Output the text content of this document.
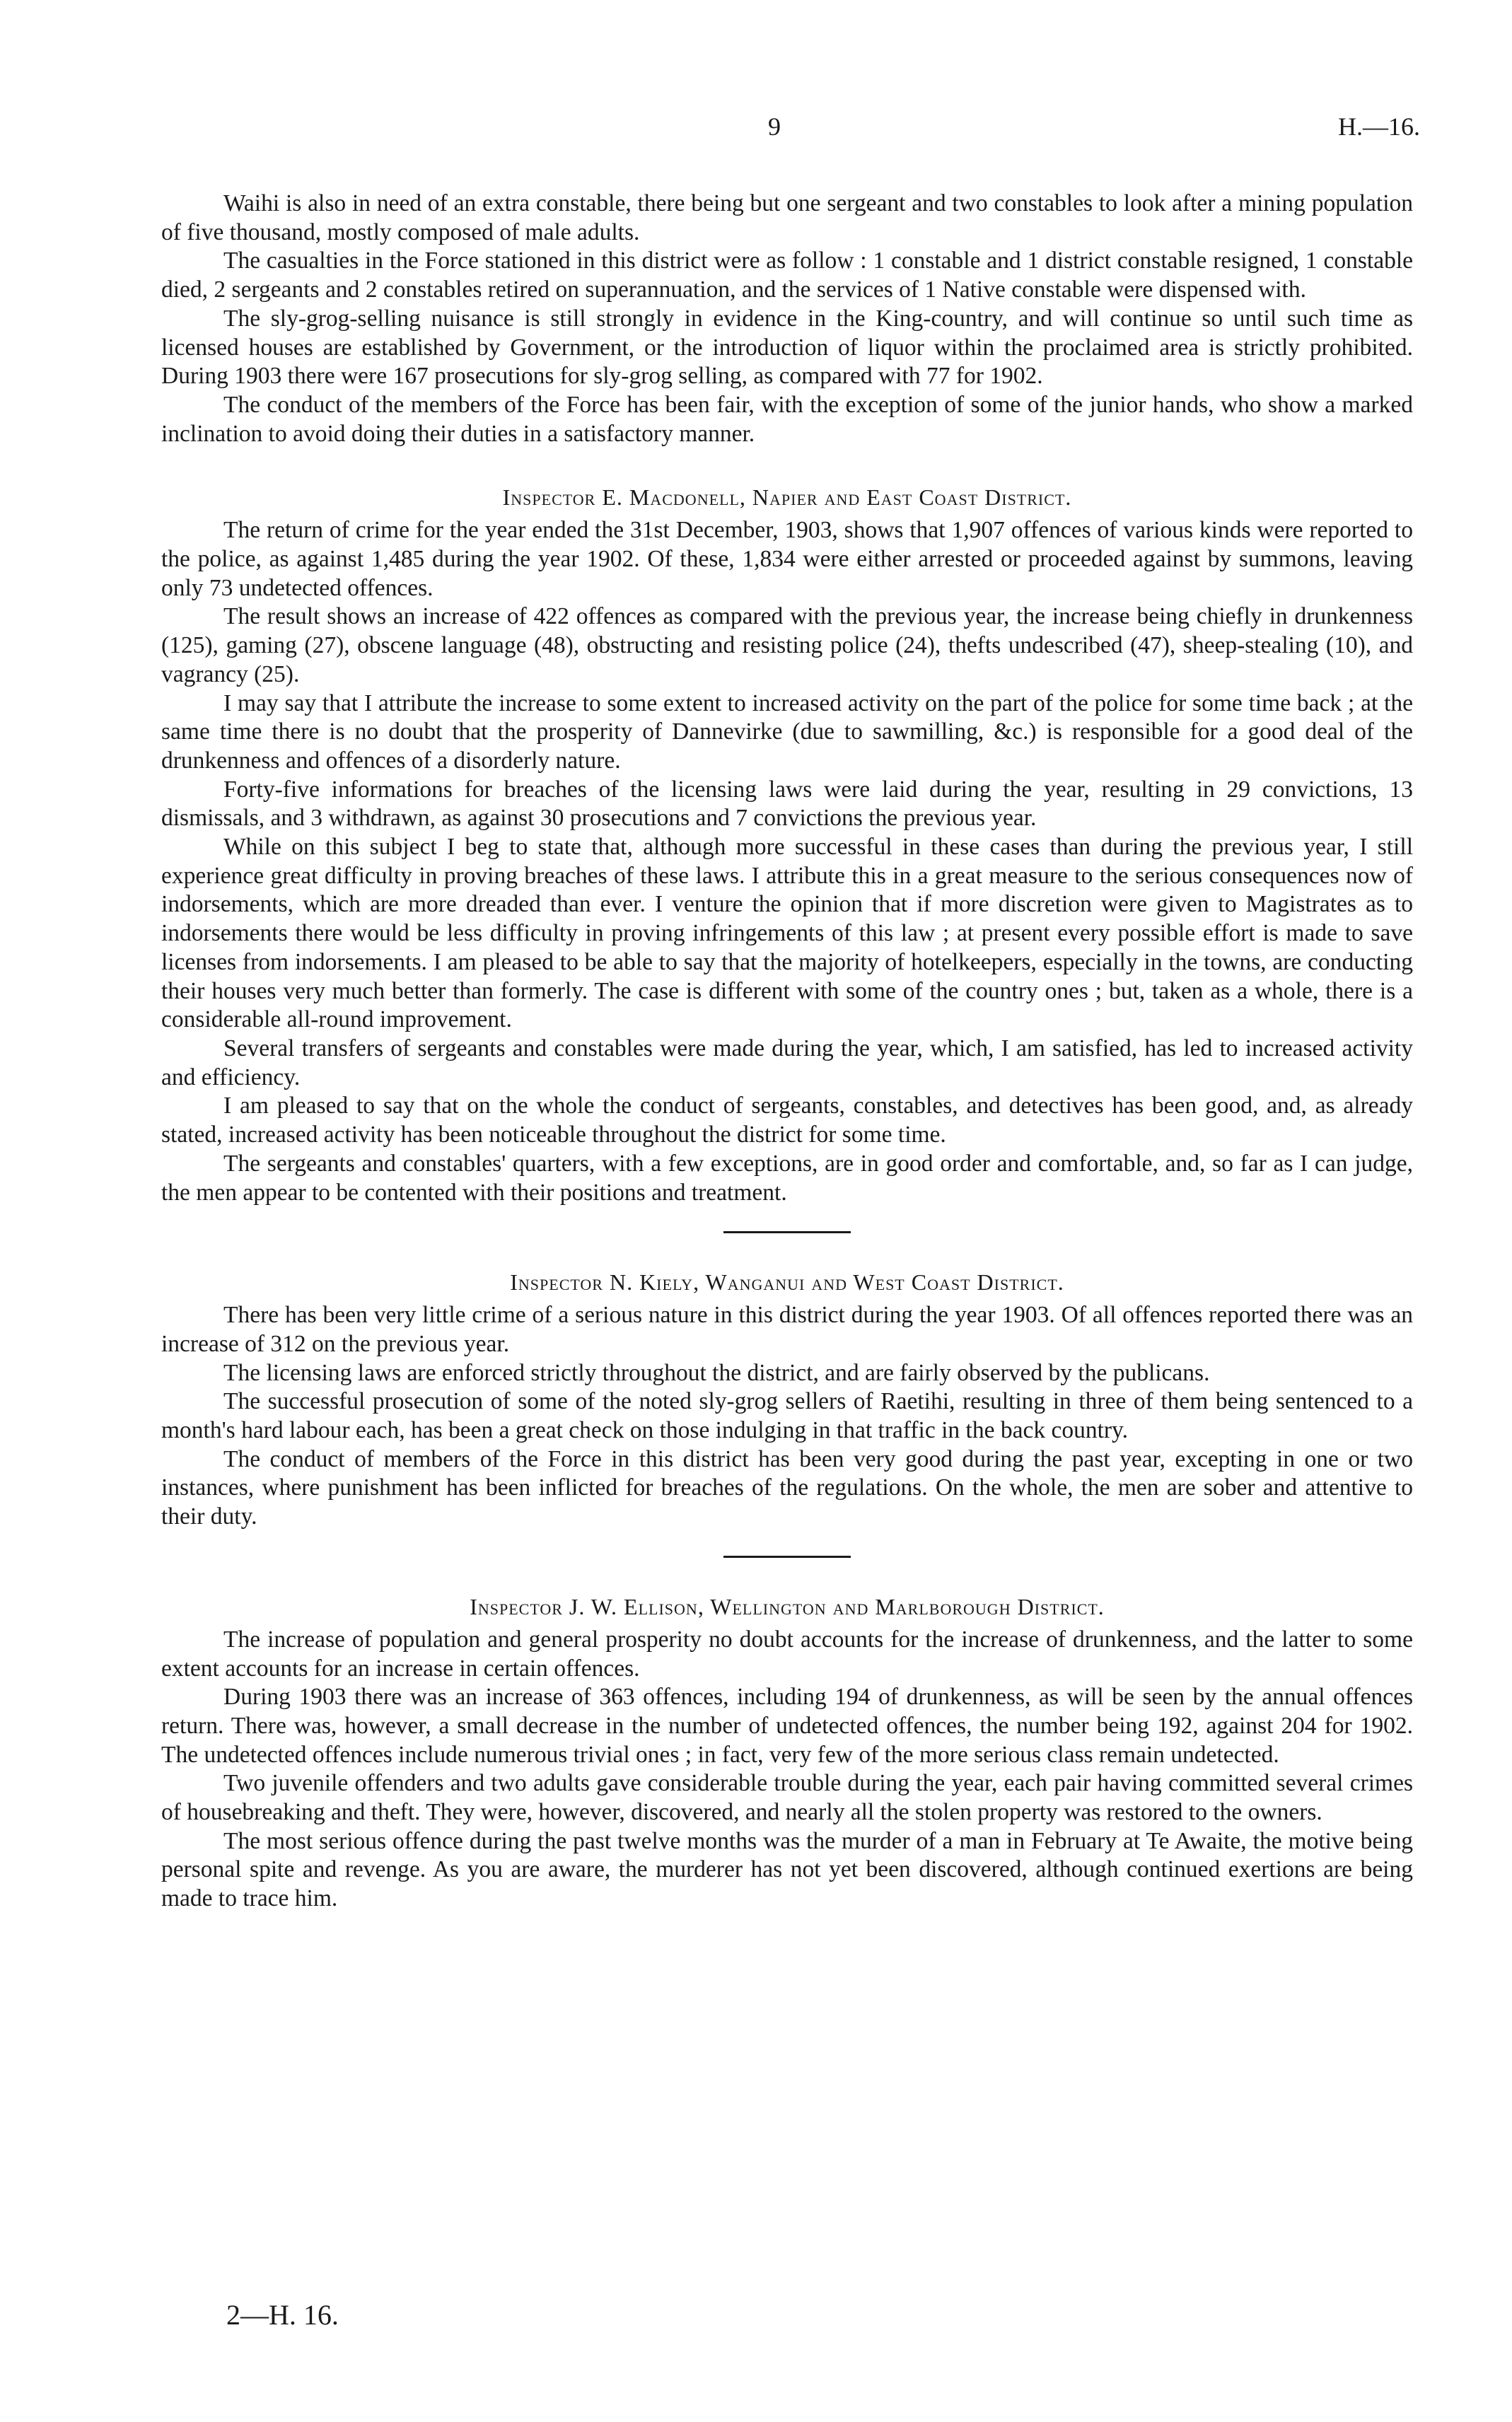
9	H.—16.

Waihi is also in need of an extra constable, there being but one sergeant and two constables to look after a mining population of five thousand, mostly composed of male adults.

The casualties in the Force stationed in this district were as follow : 1 constable and 1 district constable resigned, 1 constable died, 2 sergeants and 2 constables retired on superannuation, and the services of 1 Native constable were dispensed with.

The sly-grog-selling nuisance is still strongly in evidence in the King-country, and will continue so until such time as licensed houses are established by Government, or the introduction of liquor within the proclaimed area is strictly prohibited. During 1903 there were 167 prosecutions for sly-grog selling, as compared with 77 for 1902.

The conduct of the members of the Force has been fair, with the exception of some of the junior hands, who show a marked inclination to avoid doing their duties in a satisfactory manner.

Inspector E. Macdonell, Napier and East Coast District.

The return of crime for the year ended the 31st December, 1903, shows that 1,907 offences of various kinds were reported to the police, as against 1,485 during the year 1902. Of these, 1,834 were either arrested or proceeded against by summons, leaving only 73 undetected offences.

The result shows an increase of 422 offences as compared with the previous year, the increase being chiefly in drunkenness (125), gaming (27), obscene language (48), obstructing and resisting police (24), thefts undescribed (47), sheep-stealing (10), and vagrancy (25).

I may say that I attribute the increase to some extent to increased activity on the part of the police for some time back ; at the same time there is no doubt that the prosperity of Dannevirke (due to sawmilling, &c.) is responsible for a good deal of the drunkenness and offences of a disorderly nature.

Forty-five informations for breaches of the licensing laws were laid during the year, resulting in 29 convictions, 13 dismissals, and 3 withdrawn, as against 30 prosecutions and 7 convictions the previous year.

While on this subject I beg to state that, although more successful in these cases than during the previous year, I still experience great difficulty in proving breaches of these laws. I attribute this in a great measure to the serious consequences now of indorsements, which are more dreaded than ever. I venture the opinion that if more discretion were given to Magistrates as to indorsements there would be less difficulty in proving infringements of this law ; at present every possible effort is made to save licenses from indorsements. I am pleased to be able to say that the majority of hotelkeepers, especially in the towns, are conducting their houses very much better than formerly. The case is different with some of the country ones ; but, taken as a whole, there is a considerable all-round improvement.

Several transfers of sergeants and constables were made during the year, which, I am satisfied, has led to increased activity and efficiency.

I am pleased to say that on the whole the conduct of sergeants, constables, and detectives has been good, and, as already stated, increased activity has been noticeable throughout the district for some time.

The sergeants and constables' quarters, with a few exceptions, are in good order and comfortable, and, so far as I can judge, the men appear to be contented with their positions and treatment.

Inspector N. Kiely, Wanganui and West Coast District.

There has been very little crime of a serious nature in this district during the year 1903. Of all offences reported there was an increase of 312 on the previous year.

The licensing laws are enforced strictly throughout the district, and are fairly observed by the publicans.

The successful prosecution of some of the noted sly-grog sellers of Raetihi, resulting in three of them being sentenced to a month's hard labour each, has been a great check on those indulging in that traffic in the back country.

The conduct of members of the Force in this district has been very good during the past year, excepting in one or two instances, where punishment has been inflicted for breaches of the regulations. On the whole, the men are sober and attentive to their duty.

Inspector J. W. Ellison, Wellington and Marlborough District.

The increase of population and general prosperity no doubt accounts for the increase of drunkenness, and the latter to some extent accounts for an increase in certain offences.

During 1903 there was an increase of 363 offences, including 194 of drunkenness, as will be seen by the annual offences return. There was, however, a small decrease in the number of undetected offences, the number being 192, against 204 for 1902. The undetected offences include numerous trivial ones ; in fact, very few of the more serious class remain undetected.

Two juvenile offenders and two adults gave considerable trouble during the year, each pair having committed several crimes of housebreaking and theft. They were, however, discovered, and nearly all the stolen property was restored to the owners.

The most serious offence during the past twelve months was the murder of a man in February at Te Awaite, the motive being personal spite and revenge. As you are aware, the murderer has not yet been discovered, although continued exertions are being made to trace him.

2—H. 16.
